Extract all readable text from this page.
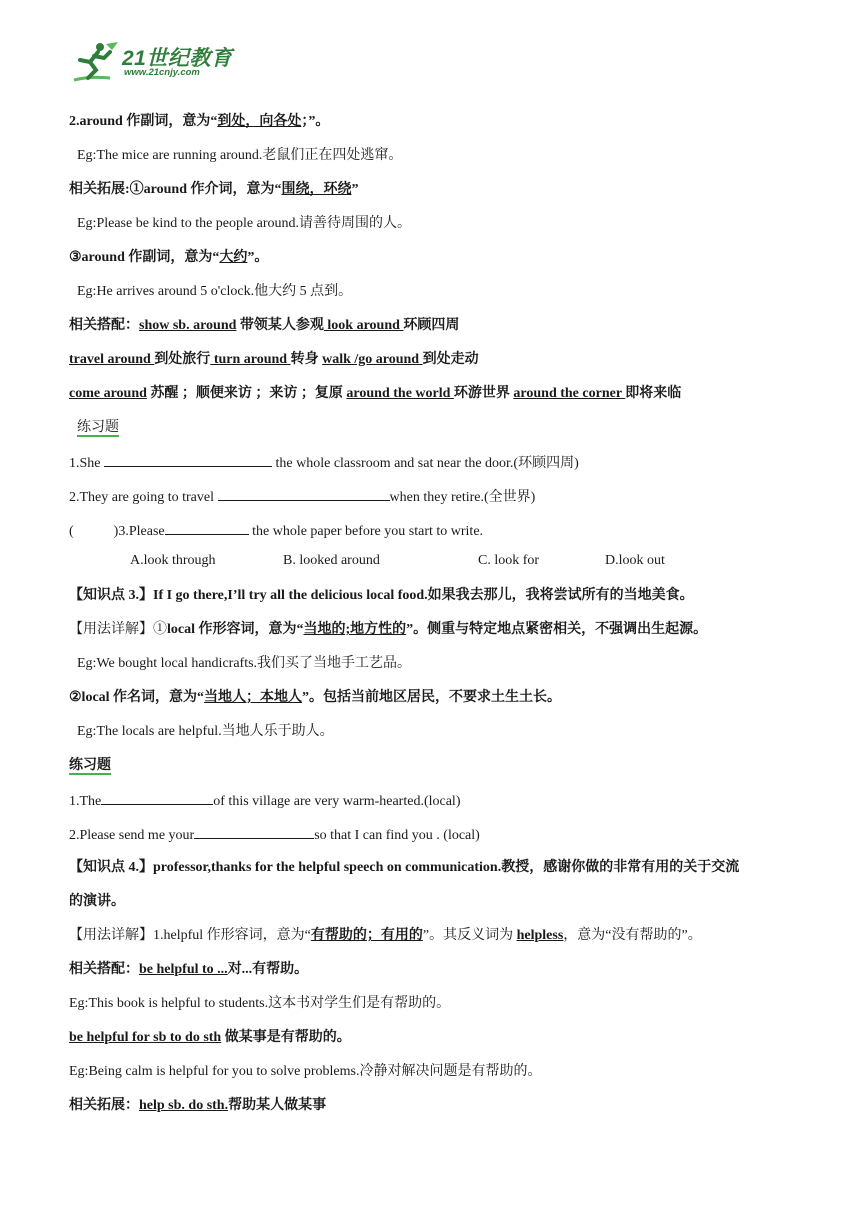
21世纪教育
www.21cnjy.com
2.around 作副词，意为“到处，向各处；”。
Eg:The mice are running around.老鼠们正在四处逃窜。
相关拓展:①around 作介词，意为“围绕，环绕”
Eg:Please be kind to the people around.请善待周围的人。
③around 作副词，意为“大约”。
Eg:He arrives around 5 o'clock.他大约 5 点到。
相关搭配：show sb. around 带领某人参观 look around 环顾四周
travel around 到处旅行 turn around 转身 walk /go around 到处走动
come around 苏醒 ；顺便来访 ；来访 ；复原 around the world 环游世界 around the corner 即将来临
练习题
1.She	the whole classroom and sat near the door.(环顾四周)
2.They are going to travel	when they retire.(全世界)
(	)3.Please	the whole paper before you start to write.
A.look through	B. looked around	C. look for	D.look out
【知识点 3.】If I go there,I’ll try all the delicious local food.如果我去那儿，我将尝试所有的当地美食。
【用法详解】①local 作形容词，意为“当地的;地方性的”。侧重与特定地点紧密相关，不强调出生起源。
Eg:We bought local handicrafts.我们买了当地手工艺品。
②local 作名词，意为“当地人；本地人”。包括当前地区居民，不要求土生土长。
Eg:The locals are helpful.当地人乐于助人。
练习题
1.The	of this village are very warm-hearted.(local)
2.Please send me your	so that I can find you . (local)
【知识点 4.】professor,thanks for the helpful speech on communication.教授，感谢你做的非常有用的关于交流
的演讲。
【用法详解】1.helpful 作形容词，意为“有帮助的；有用的”。其反义词为 helpless，意为“没有帮助的”。
相关搭配：be helpful to ...对...有帮助。
Eg:This book is helpful to students.这本书对学生们是有帮助的。
be helpful for sb to do sth 做某事是有帮助的。
Eg:Being calm is helpful for you to solve problems.冷静对解决问题是有帮助的。
相关拓展：help sb. do sth.帮助某人做某事
